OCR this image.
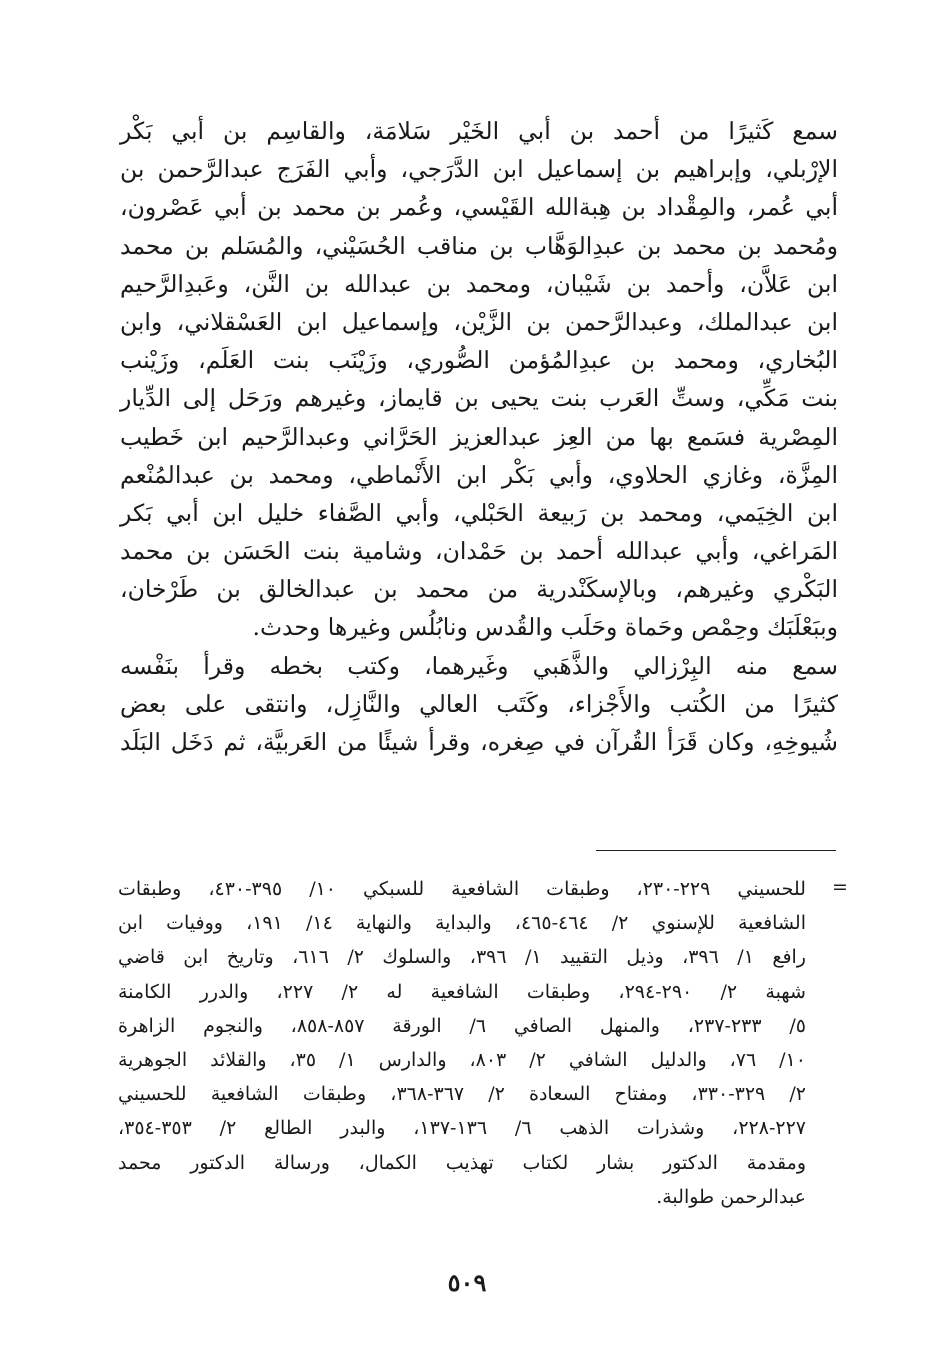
سمع كَثيرًا من أحمد بن أبي الخَيْر سَلامَة، والقاسِم بن أبي بَكْر
الإرْبلي، وإبراهيم بن إسماعيل ابن الدَّرَجي، وأبي الفَرَج عبدالرَّحمن بن
أبي عُمر، والمِقْداد بن هِبةالله القَيْسي، وعُمر بن محمد بن أبي عَصْرون،
ومُحمد بن محمد بن عبدِالوَهَّاب بن مناقب الحُسَيْني، والمُسَلم بن محمد
ابن عَلاَّن، وأحمد بن شَيْبان، ومحمد بن عبدالله بن النَّن، وعَبدِالرَّحيم
ابن عبدالملك، وعبدالرَّحمن بن الزَّيْن، وإسماعيل ابن العَسْقلاني، وابن
البُخاري، ومحمد بن عبدِالمُؤمن الصُّوري، وزَيْنَب بنت العَلَم، وزَيْنب
بنت مَكِّي، وستِّ العَرب بنت يحيى بن قايماز، وغيرهم ورَحَل إلى الدِّيار
المِصْرية فسَمع بها من العِز عبدالعزيز الحَرَّاني وعبدالرَّحيم ابن خَطيب
المِزَّة، وغازي الحلاوي، وأبي بَكْر ابن الأَنْماطي، ومحمد بن عبدالمُنْعم
ابن الخِيَمي، ومحمد بن رَبيعة الحَبْلي، وأبي الصَّفاء خليل ابن أبي بَكر
المَراغي، وأبي عبدالله أحمد بن حَمْدان، وشامية بنت الحَسَن بن محمد
البَكْري وغيرهم، وبالإسكَنْدرية من محمد بن عبدالخالق بن طَرْخان،
وببَعْلَبَك وحِمْص وحَماة وحَلَب والقُدس ونابُلُس وغيرها وحدث.

سمع منه البِرْزالي والذَّهَبي وغَيرهما، وكتب بخطه وقرأ بنَفْسه
كثيرًا من الكُتب والأَجْزاء، وكَتَب العالي والنَّازِل، وانتقى على بعض
شُيوخِهِ، وكان قَرَأ القُرآن في صِغره، وقرأ شيئًا من العَربيَّة، ثم دَخَل البَلَد

=
للحسيني ٢٢٩-٢٣٠، وطبقات الشافعية للسبكي ١٠/ ٣٩٥-٤٣٠، وطبقات
الشافعية للإسنوي ٢/ ٤٦٤-٤٦٥، والبداية والنهاية ١٤/ ١٩١، ووفيات ابن
رافع ١/ ٣٩٦، وذيل التقييد ١/ ٣٩٦، والسلوك ٢/ ٦١٦، وتاريخ ابن قاضي
شهبة ٢/ ٢٩٠-٢٩٤، وطبقات الشافعية له ٢/ ٢٢٧، والدرر الكامنة
٥/ ٢٣٣-٢٣٧، والمنهل الصافي ٦/ الورقة ٨٥٧-٨٥٨، والنجوم الزاهرة
١٠/ ٧٦، والدليل الشافي ٢/ ٨٠٣، والدارس ١/ ٣٥، والقلائد الجوهرية
٢/ ٣٢٩-٣٣٠، ومفتاح السعادة ٢/ ٣٦٧-٣٦٨، وطبقات الشافعية للحسيني
٢٢٧-٢٢٨، وشذرات الذهب ٦/ ١٣٦-١٣٧، والبدر الطالع ٢/ ٣٥٣-٣٥٤،
ومقدمة الدكتور بشار لكتاب تهذيب الكمال، ورسالة الدكتور محمد
عبدالرحمن طوالبة.
٥٠٩
